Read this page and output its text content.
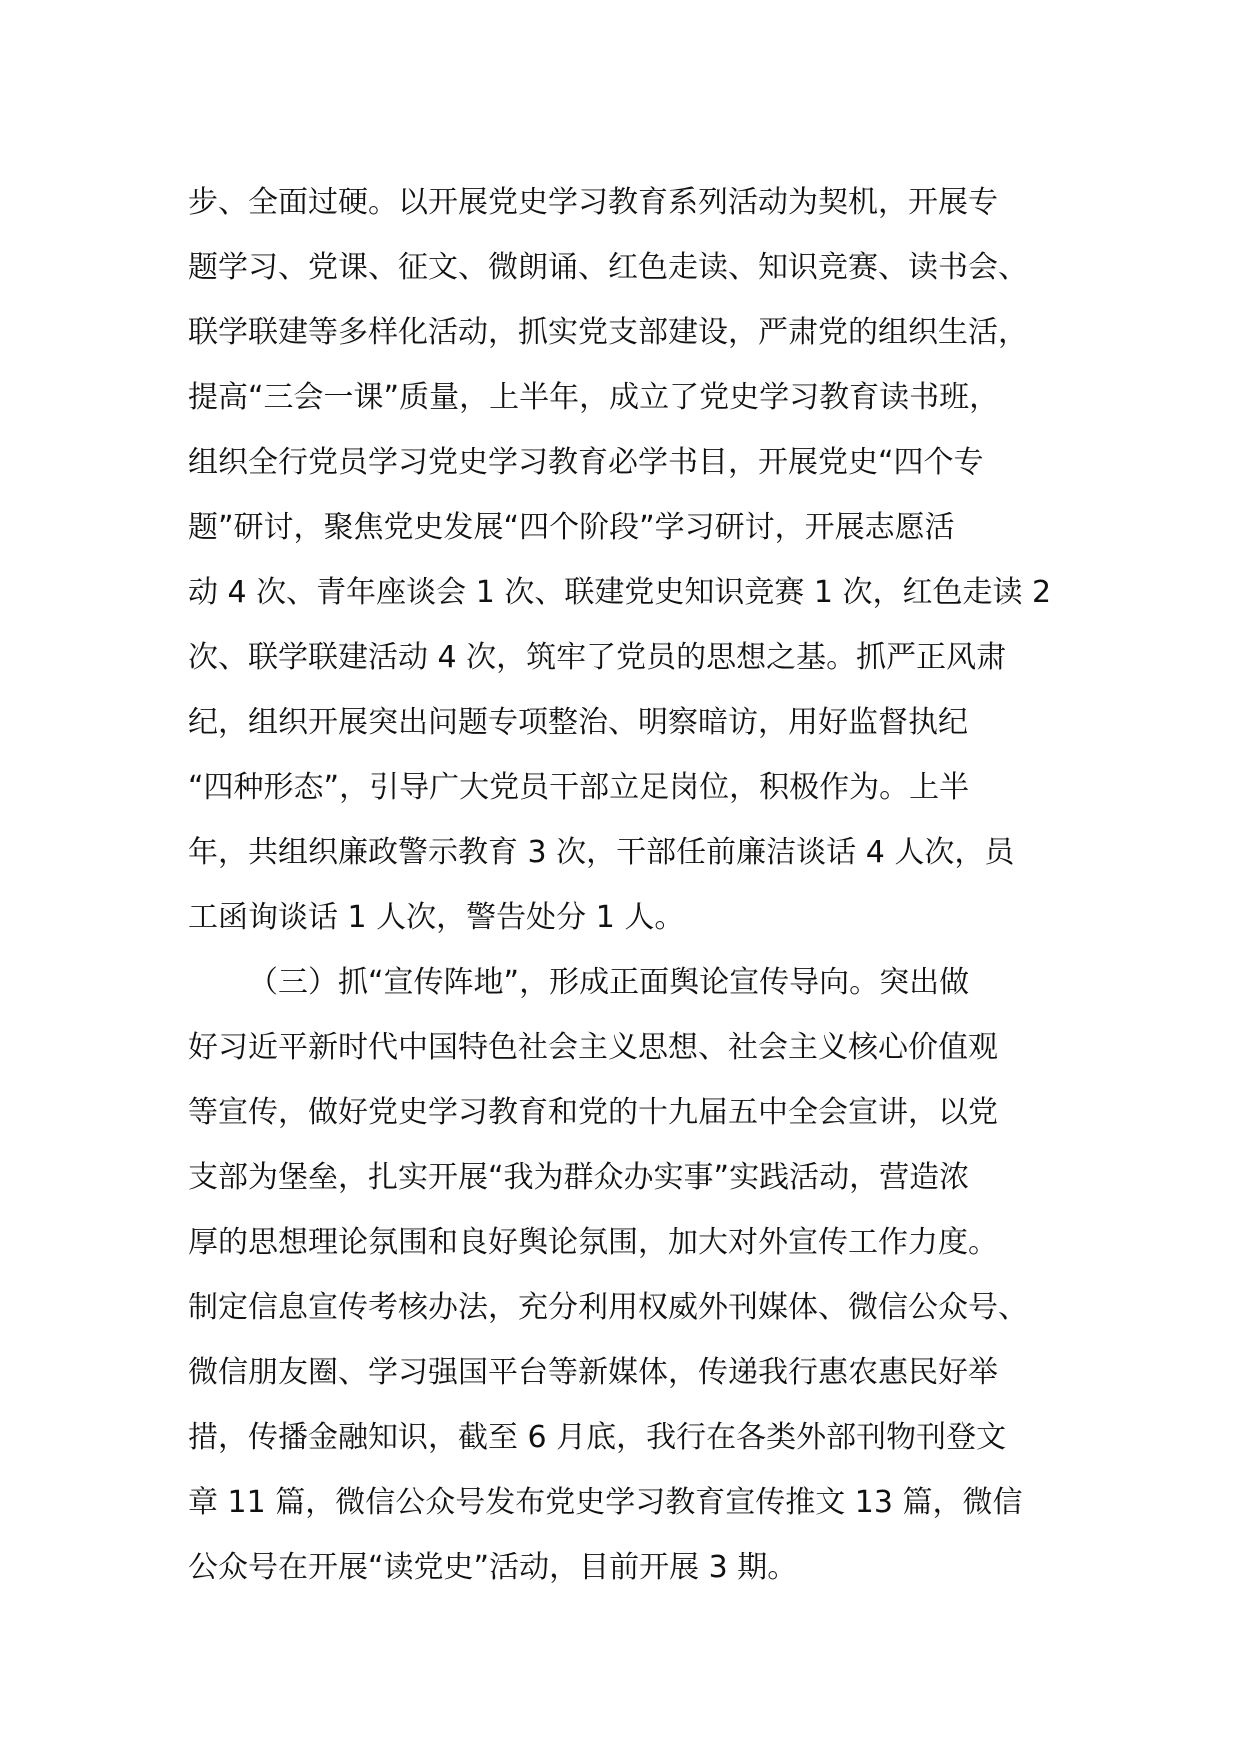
步、全面过硬。以开展党史学习教育系列活动为契机，开展专
题学习、党课、征文、微朗诵、红色走读、知识竞赛、读书会、
联学联建等多样化活动，抓实党支部建设，严肃党的组织生活，
提高“三会一课”质量，上半年，成立了党史学习教育读书班，
组织全行党员学习党史学习教育必学书目，开展党史“四个专
题”研讨，聚焦党史发展“四个阶段”学习研讨，开展志愿活
动 4 次、青年座谈会 1 次、联建党史知识竞赛 1 次，红色走读 2
次、联学联建活动 4 次，筑牢了党员的思想之基。抓严正风肃
纪，组织开展突出问题专项整治、明察暗访，用好监督执纪
“四种形态”，引导广大党员干部立足岗位，积极作为。上半
年，共组织廉政警示教育 3 次，干部任前廉洁谈话 4 人次，员
工函询谈话 1 人次，警告处分 1 人。
（三）抓“宣传阵地”，形成正面舆论宣传导向。突出做
好习近平新时代中国特色社会主义思想、社会主义核心价值观
等宣传，做好党史学习教育和党的十九届五中全会宣讲，以党
支部为堡垒，扎实开展“我为群众办实事”实践活动，营造浓
厚的思想理论氛围和良好舆论氛围，加大对外宣传工作力度。
制定信息宣传考核办法，充分利用权威外刊媒体、微信公众号、
微信朋友圈、学习强国平台等新媒体，传递我行惠农惠民好举
措，传播金融知识，截至 6 月底，我行在各类外部刊物刊登文
章 11 篇，微信公众号发布党史学习教育宣传推文 13 篇，微信
公众号在开展“读党史”活动，目前开展 3 期。
